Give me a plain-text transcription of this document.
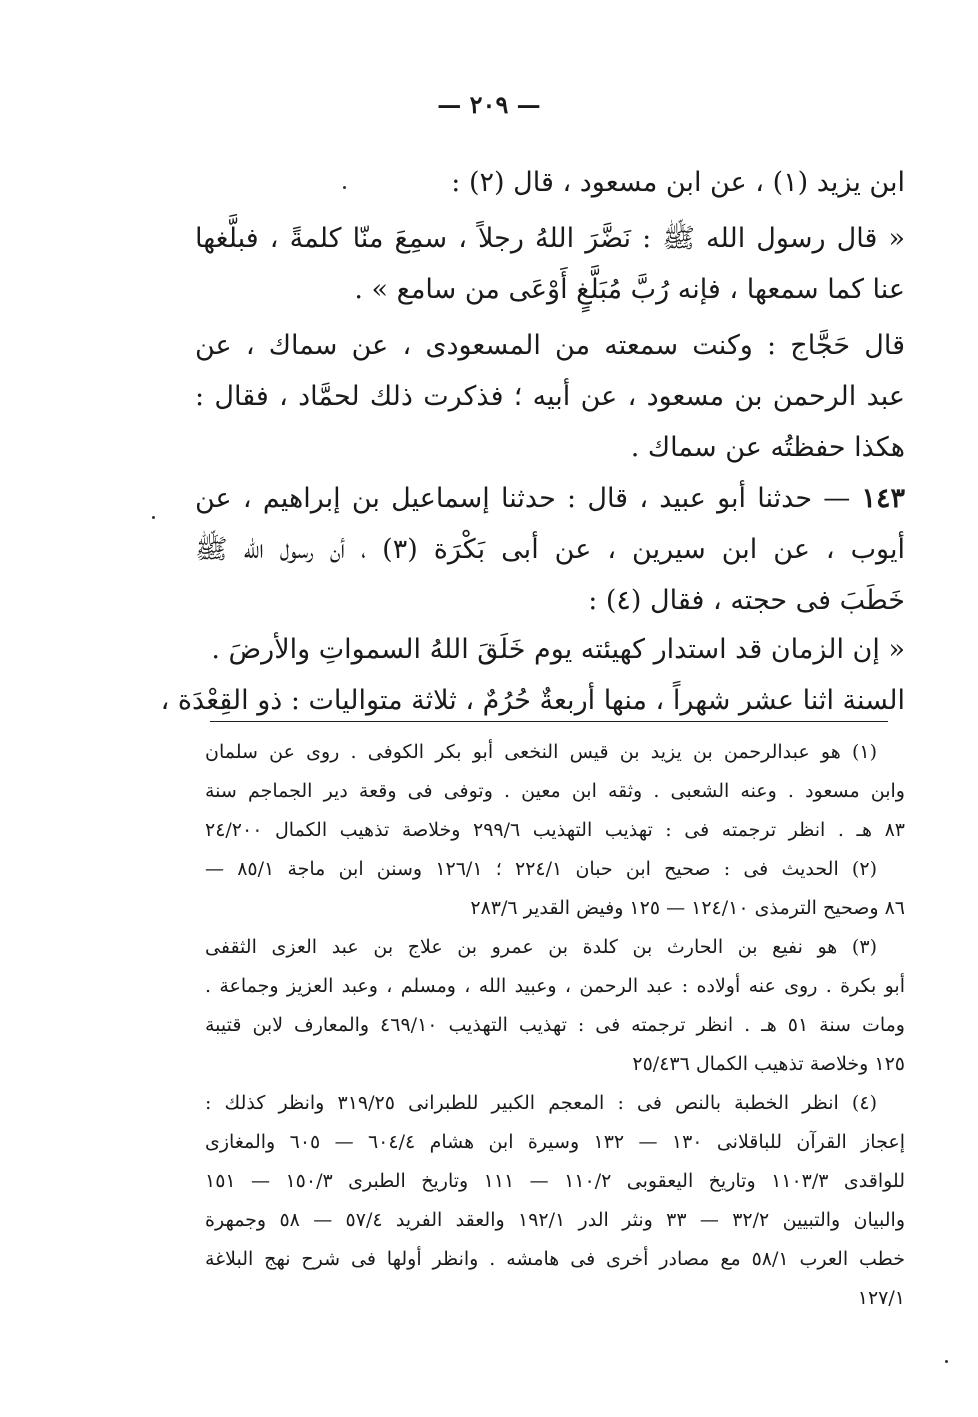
— ٢٠٩ —
ابن يزيد (١) ، عن ابن مسعود ، قال (٢) :
« قال رسول الله ﷺ : نَضَّرَ اللهُ رجلاً ، سمِعَ منّا كلمةً ، فبلَّغها
عنا كما سمعها ، فإنه رُبَّ مُبَلَّغٍ أَوْعَى من سامع » .
قال حَجَّاج : وكنت سمعته من المسعودى ، عن سماك ، عن
عبد الرحمن بن مسعود ، عن أبيه ؛ فذكرت ذلك لحمَّاد ، فقال :
هكذا حفظتُه عن سماك .
١٤٣ — حدثنا أبو عبيد ، قال : حدثنا إسماعيل بن إبراهيم ، عن
أيوب ، عن ابن سيرين ، عن أبى بَكْرَة (٣) ، أن رسول الله ﷺ
خَطَبَ فى حجته ، فقال (٤) :
« إن الزمان قد استدار كهيئته يوم خَلَقَ اللهُ السمواتِ والأرضَ .
السنة اثنا عشر شهراً ، منها أربعةٌ حُرُمٌ ، ثلاثة متواليات : ذو القِعْدَة ،
(١) هو عبدالرحمن بن يزيد بن قيس النخعى أبو بكر الكوفى . روى عن سلمان
وابن مسعود . وعنه الشعبى . وثقه ابن معين . وتوفى فى وقعة دير الجماجم سنة
٨٣ هـ . انظر ترجمته فى : تهذيب التهذيب ٢٩٩/٦ وخلاصة تذهيب الكمال ٢٤/٢٠٠
(٢) الحديث فى : صحيح ابن حبان ٢٢٤/١ ؛ ١٢٦/١ وسنن ابن ماجة ٨٥/١ —
٨٦ وصحيح الترمذى ١٢٤/١٠ — ١٢٥ وفيض القدير ٢٨٣/٦
(٣) هو نفيع بن الحارث بن كلدة بن عمرو بن علاج بن عبد العزى الثقفى
أبو بكرة . روى عنه أولاده : عبد الرحمن ، وعبيد الله ، ومسلم ، وعبد العزيز وجماعة .
ومات سنة ٥١ هـ . انظر ترجمته فى : تهذيب التهذيب ٤٦٩/١٠ والمعارف لابن قتيبة
١٢٥ وخلاصة تذهيب الكمال ٢٥/٤٣٦
(٤) انظر الخطبة بالنص فى : المعجم الكبير للطبرانى ٣١٩/٢٥ وانظر كذلك :
إعجاز القرآن للباقلانى ١٣٠ — ١٣٢ وسيرة ابن هشام ٦٠٤/٤ — ٦٠٥ والمغازى
للواقدى ١١٠٣/٣ وتاريخ اليعقوبى ١١٠/٢ — ١١١ وتاريخ الطبرى ١٥٠/٣ — ١٥١
والبيان والتبيين ٣٢/٢ — ٣٣ ونثر الدر ١٩٢/١ والعقد الفريد ٥٧/٤ — ٥٨ وجمهرة
خطب العرب ٥٨/١ مع مصادر أخرى فى هامشه . وانظر أولها فى شرح نهج البلاغة
١٢٧/١
